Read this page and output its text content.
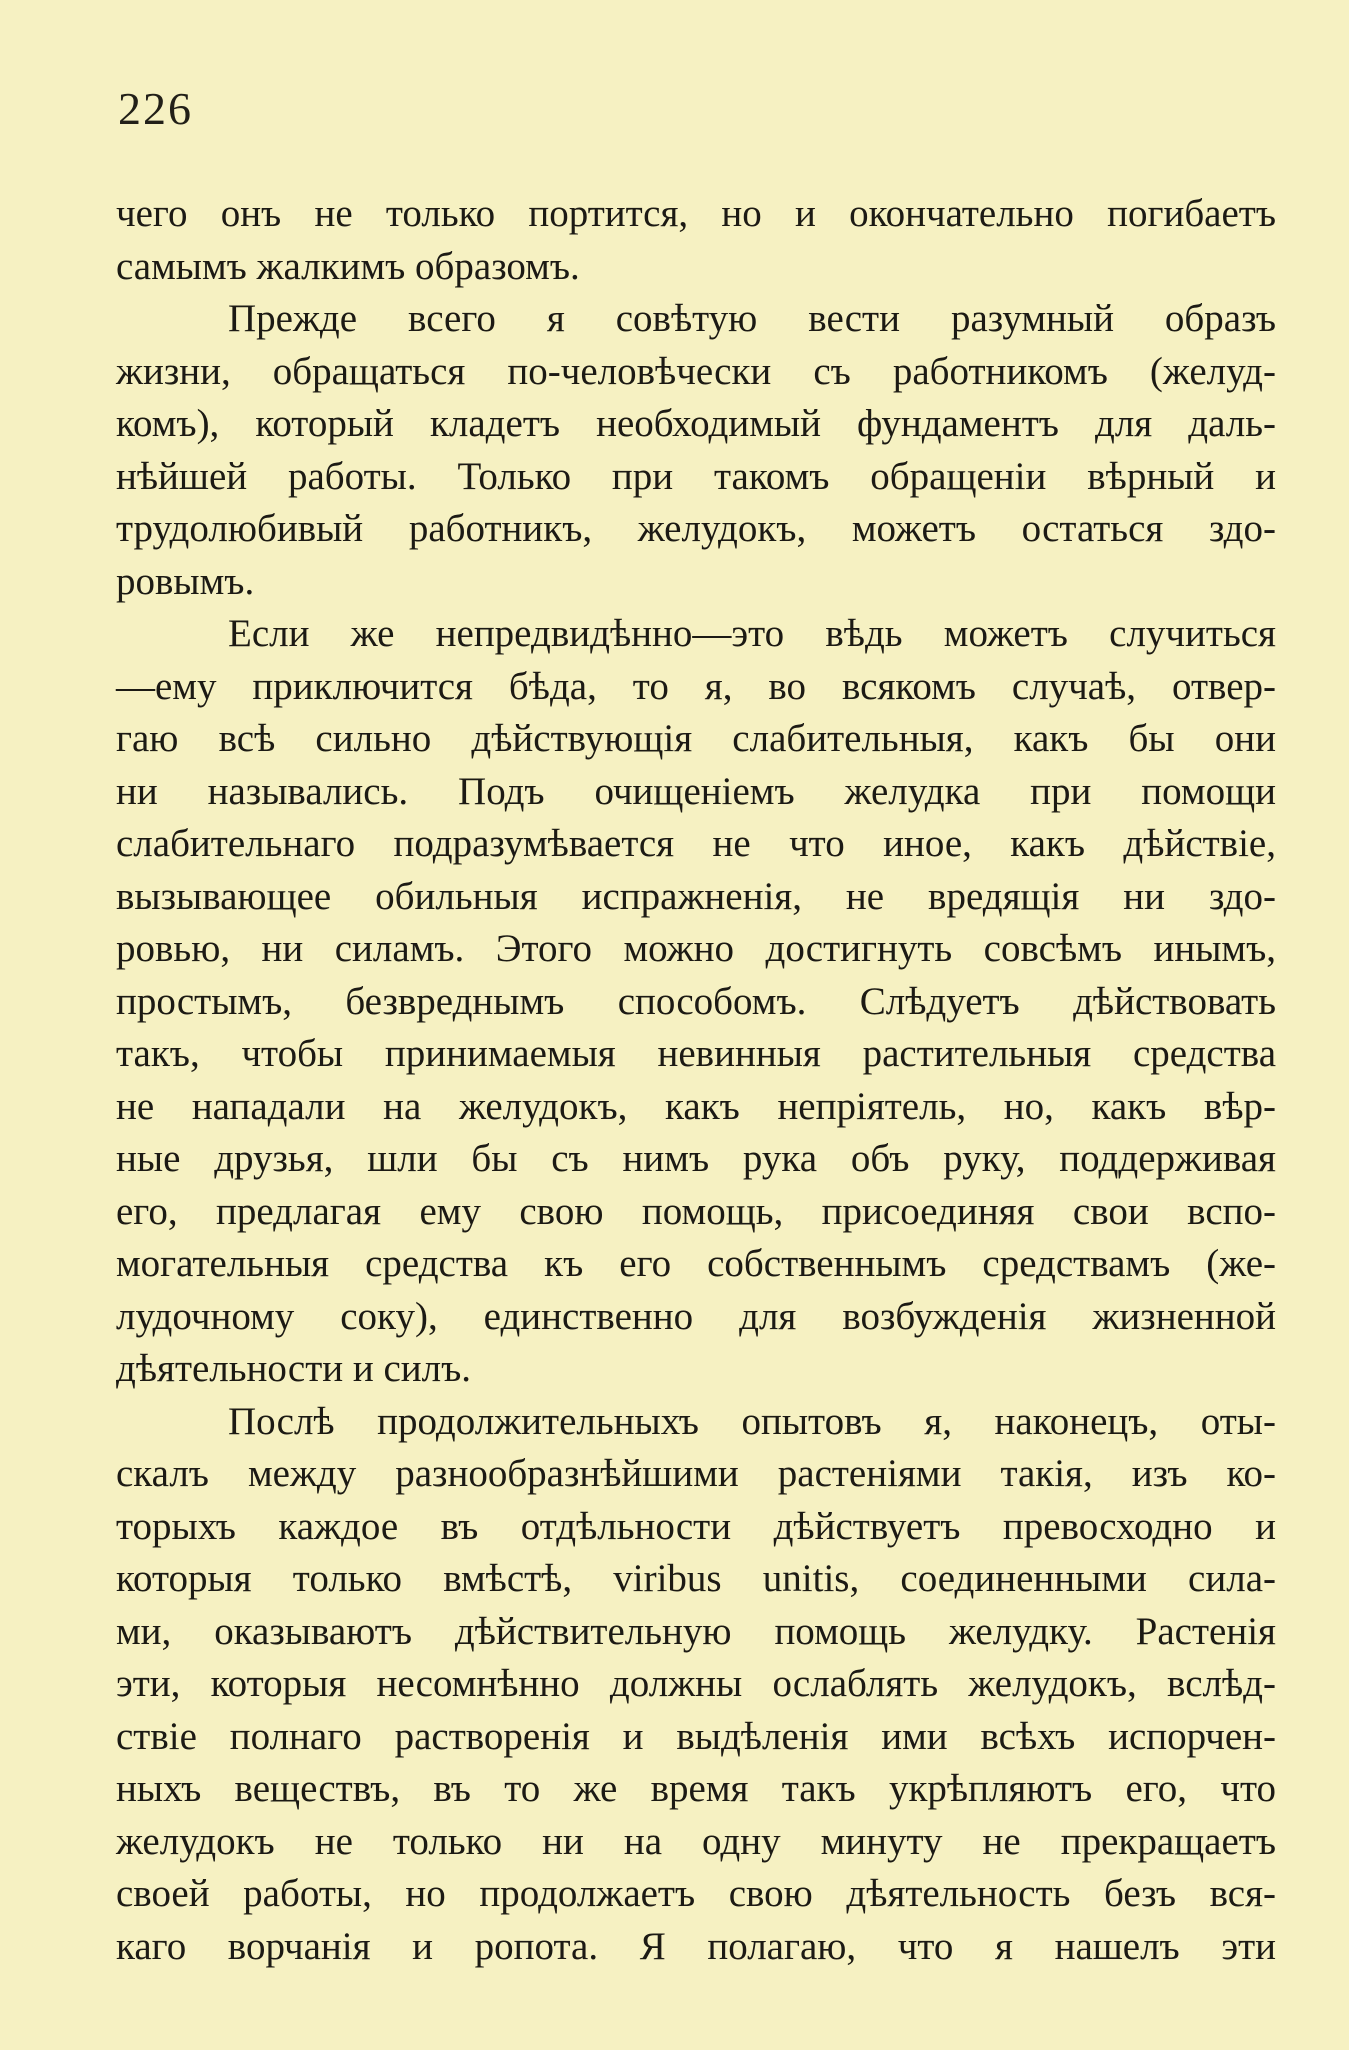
226
чего онъ не только портится, но и окончательно погибаетъ
самымъ жалкимъ образомъ.
Прежде всего я совѣтую вести разумный образъ
жизни, обращаться по-человѣчески съ работникомъ (желуд-
комъ), который кладетъ необходимый фундаментъ для даль-
нѣйшей работы. Только при такомъ обращеніи вѣрный и
трудолюбивый работникъ, желудокъ, можетъ остаться здо-
ровымъ.
Если же непредвидѣнно—это вѣдь можетъ случиться
—ему приключится бѣда, то я, во всякомъ случаѣ, отвер-
гаю всѣ сильно дѣйствующія слабительныя, какъ бы они
ни назывались. Подъ очищеніемъ желудка при помощи
слабительнаго подразумѣвается не что иное, какъ дѣйствіе,
вызывающее обильныя испражненія, не вредящія ни здо-
ровью, ни силамъ. Этого можно достигнуть совсѣмъ инымъ,
простымъ, безвреднымъ способомъ. Слѣдуетъ дѣйствовать
такъ, чтобы принимаемыя невинныя растительныя средства
не нападали на желудокъ, какъ непріятель, но, какъ вѣр-
ные друзья, шли бы съ нимъ рука объ руку, поддерживая
его, предлагая ему свою помощь, присоединяя свои вспо-
могательныя средства къ его собственнымъ средствамъ (же-
лудочному соку), единственно для возбужденія жизненной
дѣятельности и силъ.
Послѣ продолжительныхъ опытовъ я, наконецъ, оты-
скалъ между разнообразнѣйшими растеніями такія, изъ ко-
торыхъ каждое въ отдѣльности дѣйствуетъ превосходно и
которыя только вмѣстѣ, viribus unitis, соединенными сила-
ми, оказываютъ дѣйствительную помощь желудку. Растенія
эти, которыя несомнѣнно должны ослаблять желудокъ, вслѣд-
ствіе полнаго растворенія и выдѣленія ими всѣхъ испорчен-
ныхъ веществъ, въ то же время такъ укрѣпляютъ его, что
желудокъ не только ни на одну минуту не прекращаетъ
своей работы, но продолжаетъ свою дѣятельность безъ вся-
каго ворчанія и ропота. Я полагаю, что я нашелъ эти
